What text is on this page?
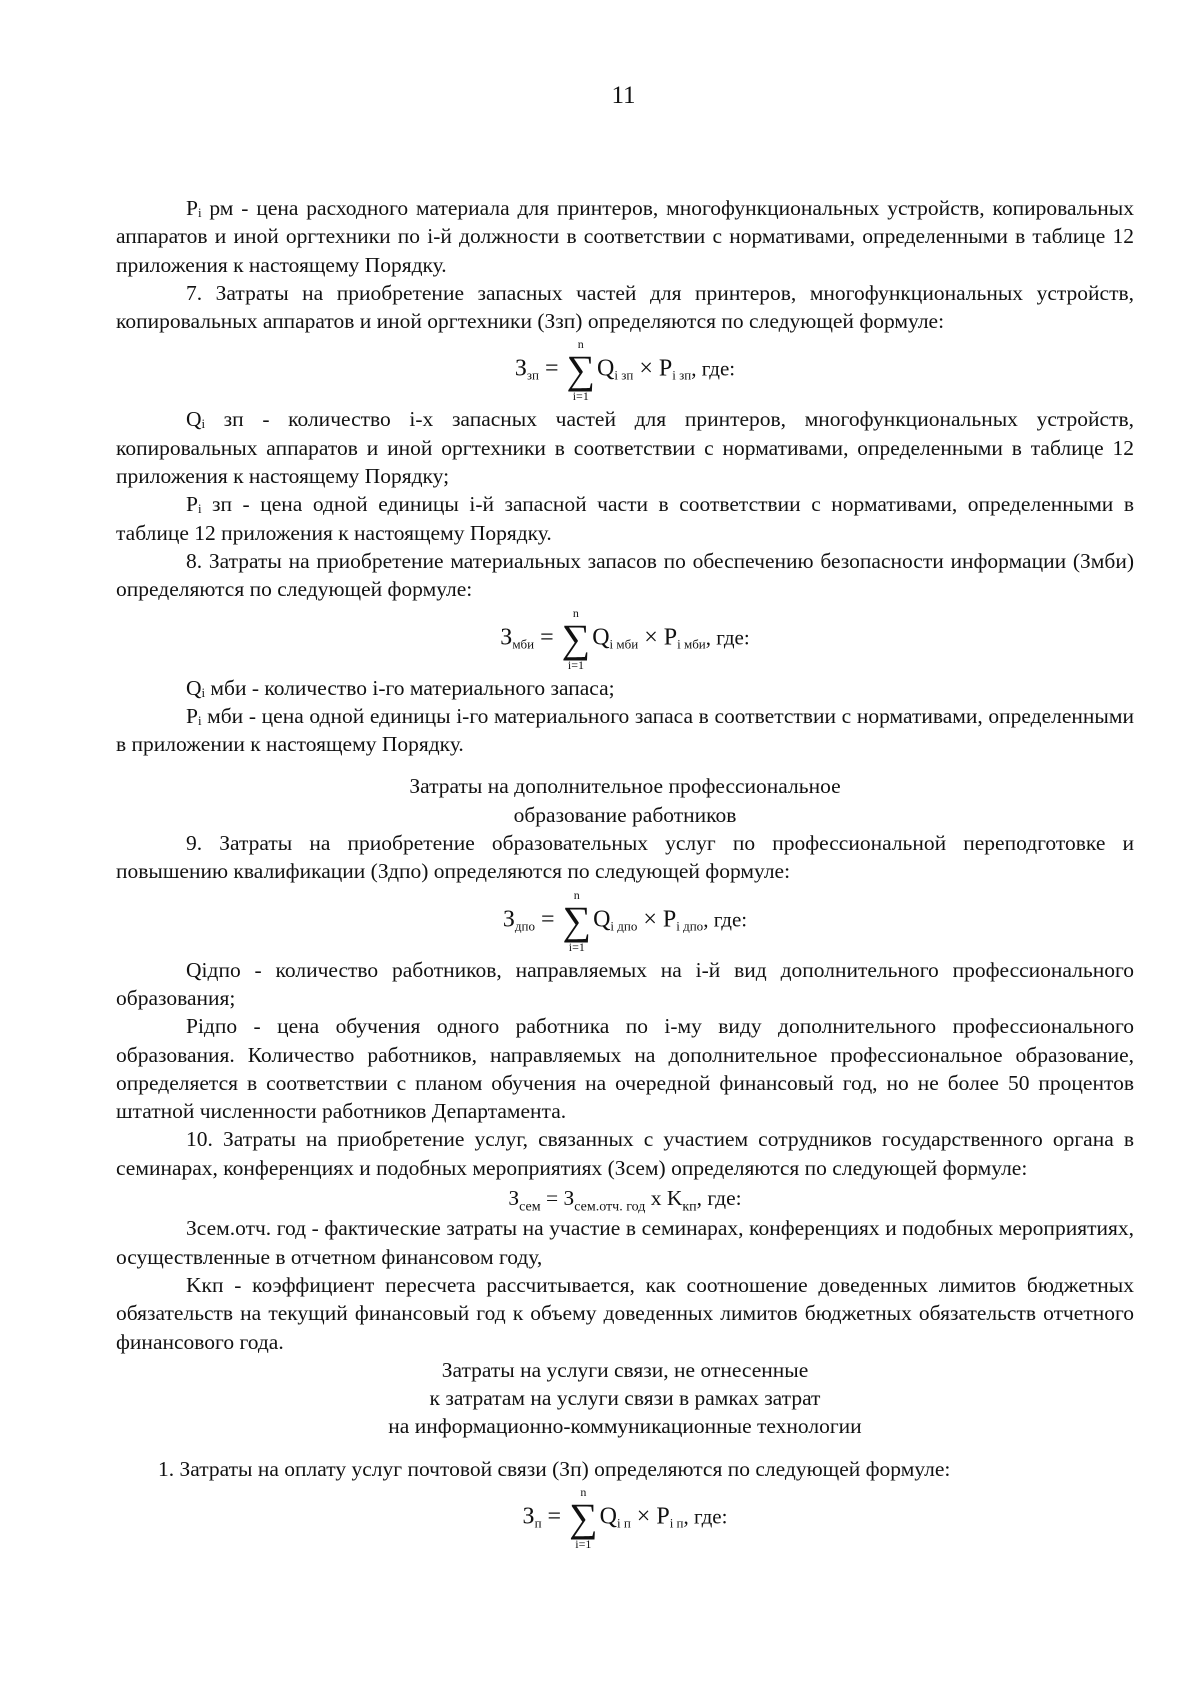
11

Pᵢ рм - цена расходного материала для принтеров, многофункциональных устройств, копировальных аппаратов и иной оргтехники по i-й должности в соответствии с нормативами, определенными в таблице 12 приложения к настоящему Порядку.

7. Затраты на приобретение запасных частей для принтеров, многофункциональных устройств, копировальных аппаратов и иной оргтехники (Ззп) определяются по следующей формуле:

$З_{зп}$ =
n
∑
i=1
$Q_{i зп} \times P_{i зп}$, где:

Qᵢ зп - количество i-х запасных частей для принтеров, многофункциональных устройств, копировальных аппаратов и иной оргтехники в соответствии с нормативами, определенными в таблице 12 приложения к настоящему Порядку;

Pᵢ зп - цена одной единицы i-й запасной части в соответствии с нормативами, определенными в таблице 12 приложения к настоящему Порядку.

8. Затраты на приобретение материальных запасов по обеспечению безопасности информации (Змби) определяются по следующей формуле:

$З_{мби}$ =
n
∑
i=1
$Q_{i мби} \times P_{i мби}$, где:

Qᵢ мби - количество i-го материального запаса;

Pᵢ мби - цена одной единицы i-го материального запаса в соответствии с нормативами, определенными в приложении к настоящему Порядку.

Затраты на дополнительное профессиональное

образование работников

9. Затраты на приобретение образовательных услуг по профессиональной переподготовке и повышению квалификации (Здпо) определяются по следующей формуле:

$З_{дпо}$ =
n
∑
i=1
$Q_{i дпо} \times P_{i дпо}$, где:

Qiдпо - количество работников, направляемых на i-й вид дополнительного профессионального образования;

Piдпо - цена обучения одного работника по i-му виду дополнительного профессионального образования. Количество работников, направляемых на дополнительное профессиональное образование, определяется в соответствии с планом обучения на очередной финансовый год, но не более 50 процентов штатной численности работников Департамента.

10. Затраты на приобретение услуг, связанных с участием сотрудников государственного органа в семинарах, конференциях и подобных мероприятиях (Зсем) определяются по следующей формуле:

$З_{сем} = З_{сем.отч. год}$ x $K_{кп}$, где:

Зсем.отч. год - фактические затраты на участие в семинарах, конференциях и подобных мероприятиях, осуществленные в отчетном финансовом году,

Kкп - коэффициент пересчета рассчитывается, как соотношение доведенных лимитов бюджетных обязательств на текущий финансовый год к объему доведенных лимитов бюджетных обязательств отчетного финансового года.

Затраты на услуги связи, не отнесенные

к затратам на услуги связи в рамках затрат

на информационно-коммуникационные технологии

1. Затраты на оплату услуг почтовой связи (Зп) определяются по следующей формуле:

$З_п$ =
n
∑
i=1
$Q_{i п} \times P_{i п}$, где:
